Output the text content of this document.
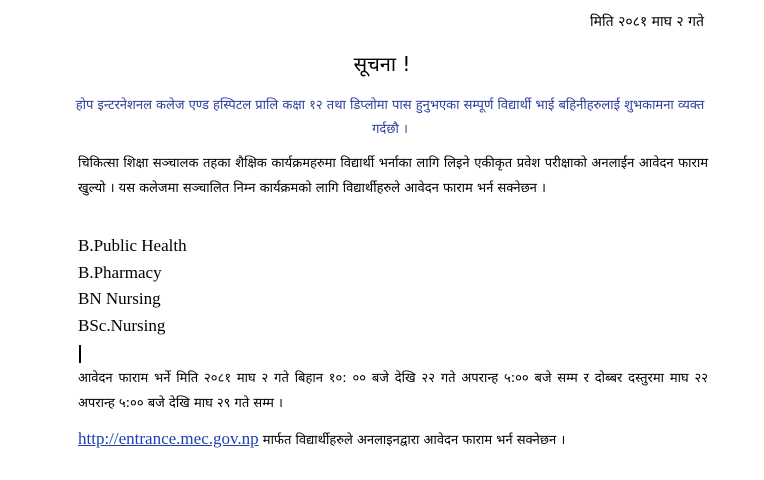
मिति २०८१ माघ २ गते
सूचना !
होप इन्टरनेशनल कलेज एण्ड हस्पिटल प्रालि कक्षा १२ तथा डिप्लोमा पास हुनुभएका सम्पूर्ण विद्यार्थी भाई बहिनीहरुलाई शुभकामना व्यक्त गर्दछौ ।
चिकित्सा शिक्षा सञ्चालक तहका शैक्षिक कार्यक्रमहरुमा विद्यार्थी भर्नाका लागि लिइने एकीकृत प्रवेश परीक्षाको अनलाईन आवेदन फाराम खुल्यो । यस कलेजमा सञ्चालित निम्न कार्यक्रमको लागि विद्यार्थीहरुले आवेदन फाराम भर्न सक्नेछन ।
B.Public Health
B.Pharmacy
BN Nursing
BSc.Nursing
आवेदन फाराम भर्ने मिति २०८१ माघ २ गते बिहान १०: ०० बजे देखि २२ गते अपरान्ह ५:०० बजे सम्म र दोब्बर दस्तुरमा माघ २२ अपरान्ह ५:०० बजे देखि माघ २९ गते सम्म ।
http://entrance.mec.gov.np मार्फत विद्यार्थीहरुले अनलाइनद्वारा आवेदन फाराम भर्न सक्नेछन ।
